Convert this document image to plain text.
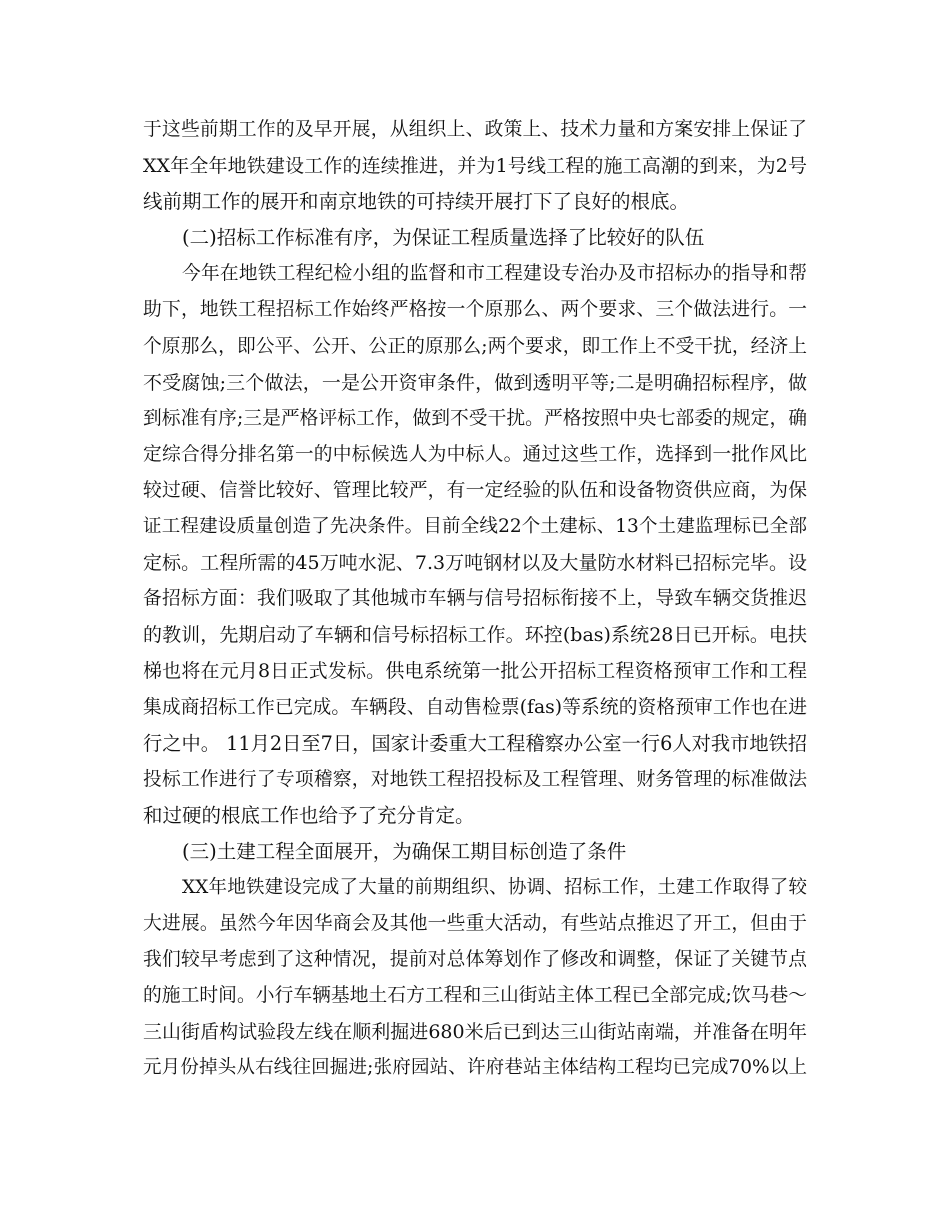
于这些前期工作的及早开展，从组织上、政策上、技术力量和方案安排上保证了
XX年全年地铁建设工作的连续推进，并为1号线工程的施工高潮的到来，为2号
线前期工作的展开和南京地铁的可持续开展打下了良好的根底。
(二)招标工作标准有序，为保证工程质量选择了比较好的队伍
今年在地铁工程纪检小组的监督和市工程建设专治办及市招标办的指导和帮
助下，地铁工程招标工作始终严格按一个原那么、两个要求、三个做法进行。一
个原那么，即公平、公开、公正的原那么;两个要求，即工作上不受干扰，经济上
不受腐蚀;三个做法，一是公开资审条件，做到透明平等;二是明确招标程序，做
到标准有序;三是严格评标工作，做到不受干扰。严格按照中央七部委的规定，确
定综合得分排名第一的中标候选人为中标人。通过这些工作，选择到一批作风比
较过硬、信誉比较好、管理比较严，有一定经验的队伍和设备物资供应商，为保
证工程建设质量创造了先决条件。目前全线22个土建标、13个土建监理标已全部
定标。工程所需的45万吨水泥、7.3万吨钢材以及大量防水材料已招标完毕。设
备招标方面：我们吸取了其他城市车辆与信号招标衔接不上，导致车辆交货推迟
的教训，先期启动了车辆和信号标招标工作。环控(bas)系统28日已开标。电扶
梯也将在元月8日正式发标。供电系统第一批公开招标工程资格预审工作和工程
集成商招标工作已完成。车辆段、自动售检票(fas)等系统的资格预审工作也在进
行之中。 11月2日至7日，国家计委重大工程稽察办公室一行6人对我市地铁招
投标工作进行了专项稽察，对地铁工程招投标及工程管理、财务管理的标准做法
和过硬的根底工作也给予了充分肯定。
(三)土建工程全面展开，为确保工期目标创造了条件
XX年地铁建设完成了大量的前期组织、协调、招标工作，土建工作取得了较
大进展。虽然今年因华商会及其他一些重大活动，有些站点推迟了开工，但由于
我们较早考虑到了这种情况，提前对总体筹划作了修改和调整，保证了关键节点
的施工时间。小行车辆基地土石方工程和三山街站主体工程已全部完成;饮马巷～
三山街盾构试验段左线在顺利掘进680米后已到达三山街站南端，并准备在明年
元月份掉头从右线往回掘进;张府园站、许府巷站主体结构工程均已完成70%以上
